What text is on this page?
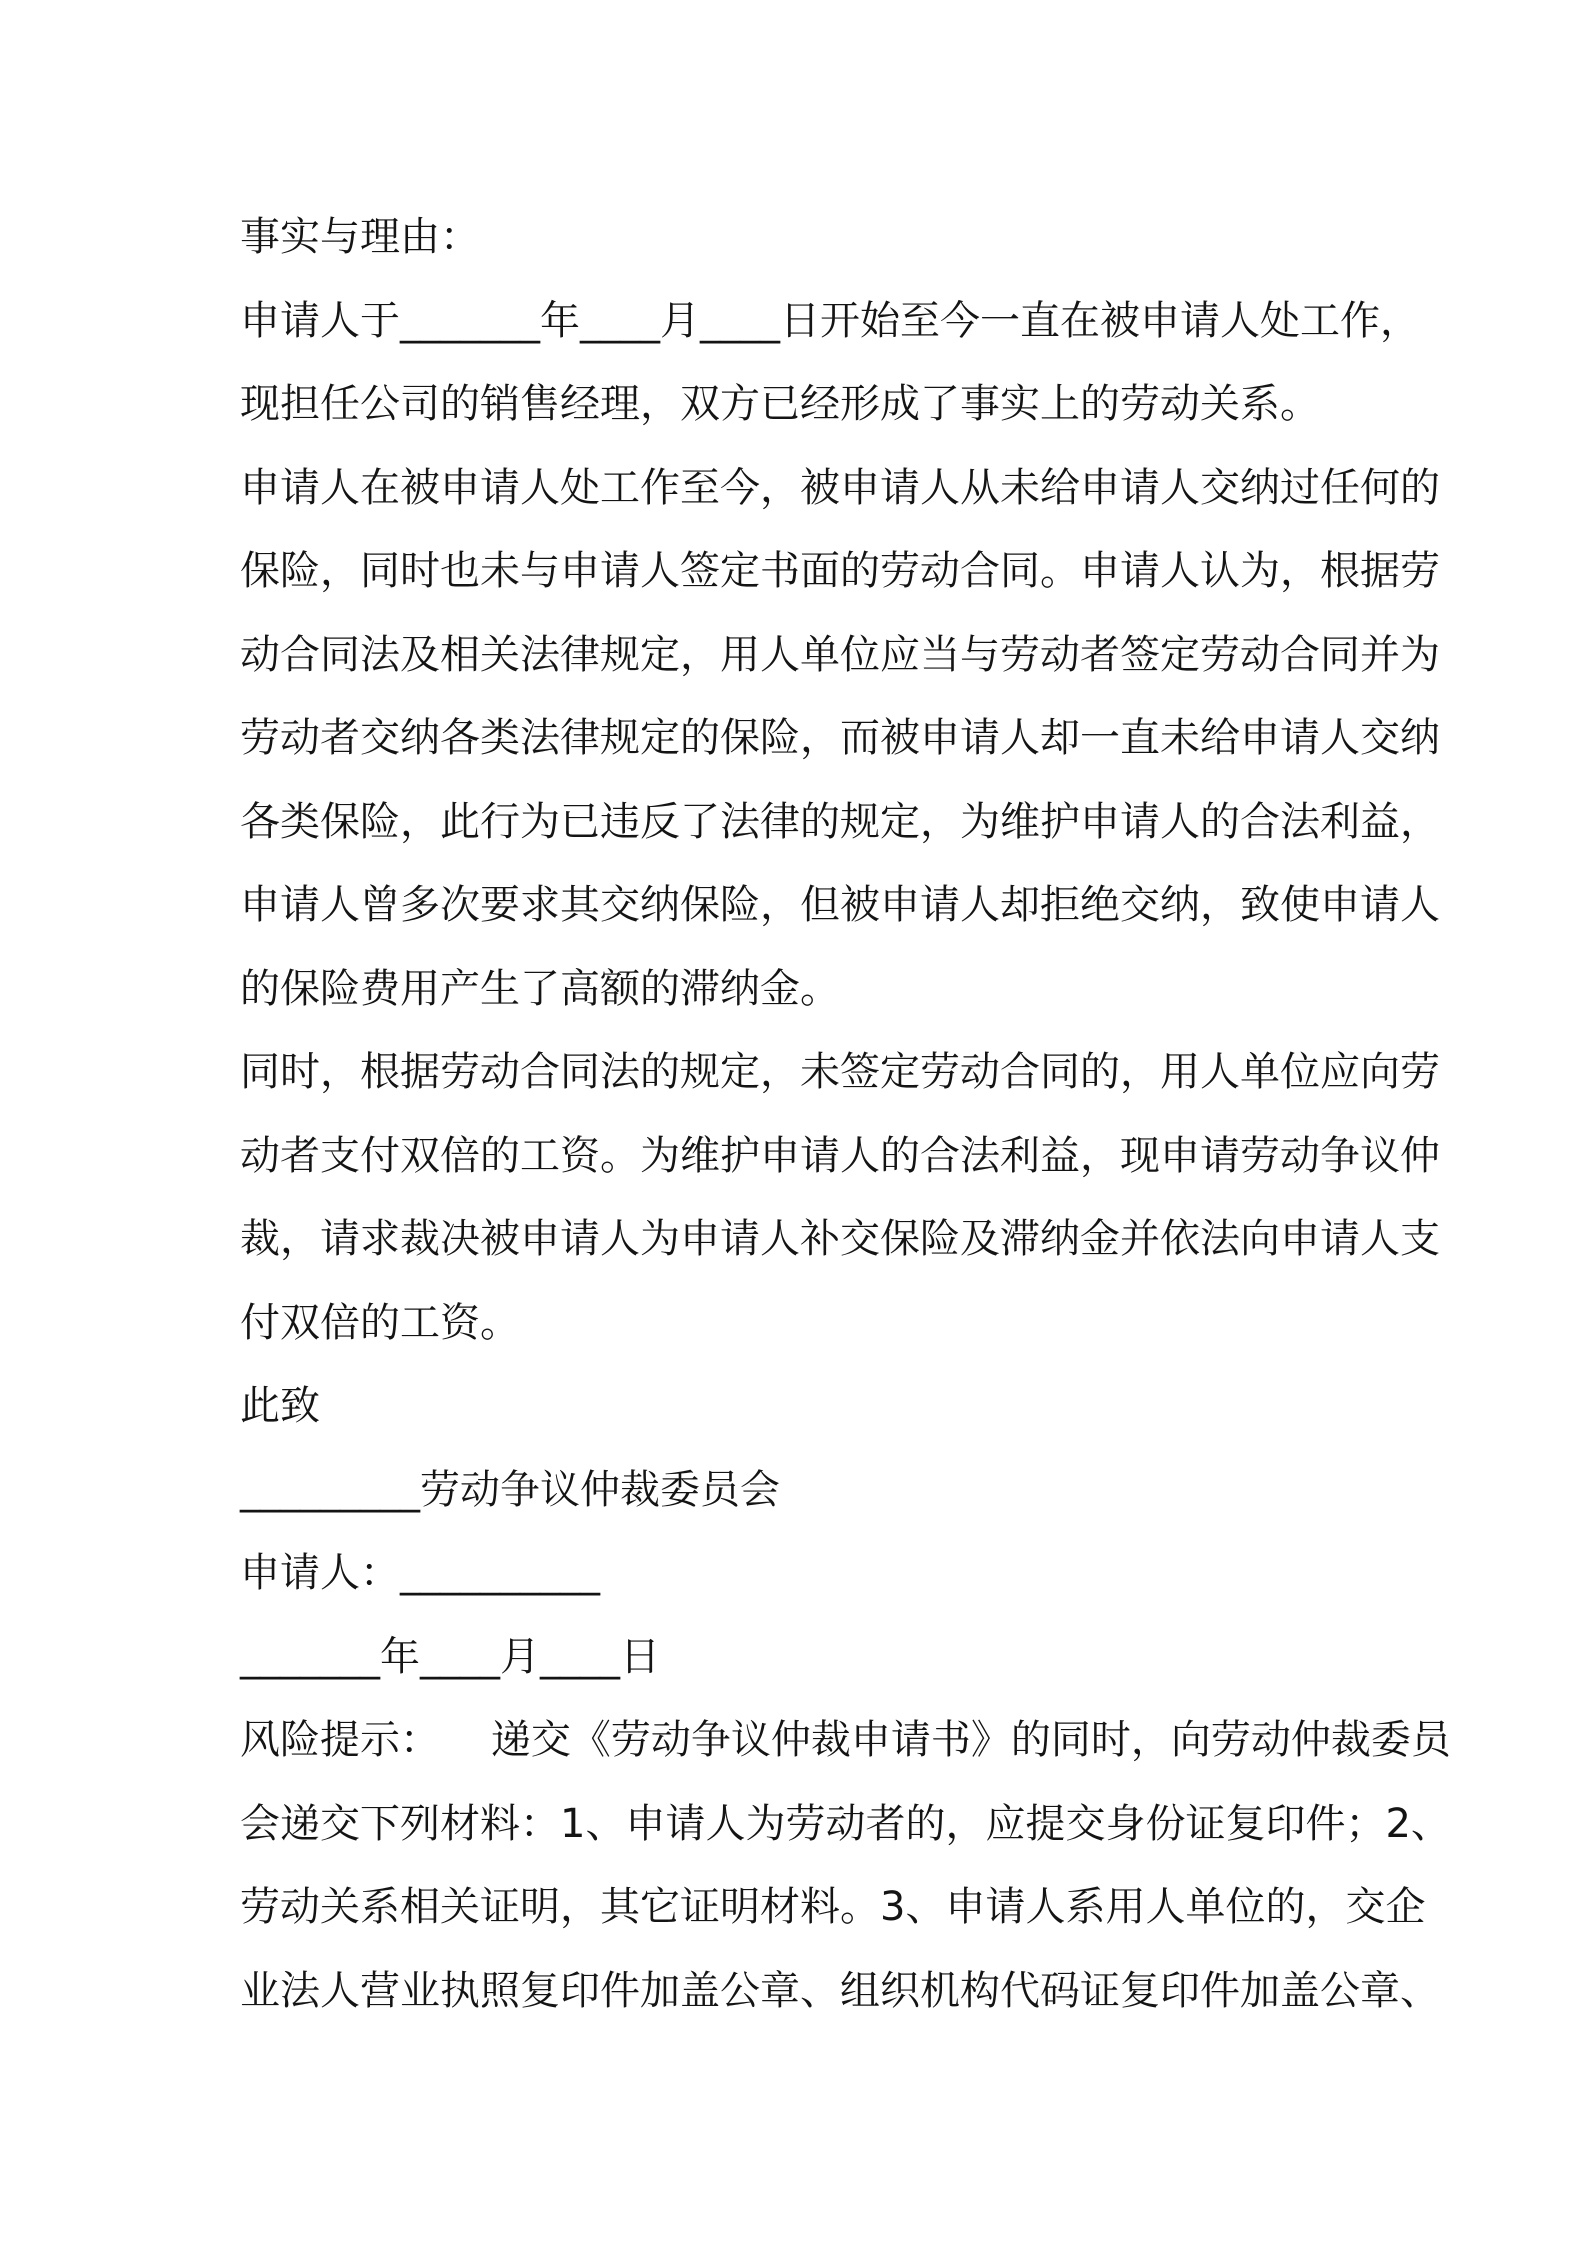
事实与理由：
申请人于_______年____月____日开始至今一直在被申请人处工作，
现担任公司的销售经理，双方已经形成了事实上的劳动关系。
申请人在被申请人处工作至今，被申请人从未给申请人交纳过任何的
保险，同时也未与申请人签定书面的劳动合同。申请人认为，根据劳
动合同法及相关法律规定，用人单位应当与劳动者签定劳动合同并为
劳动者交纳各类法律规定的保险，而被申请人却一直未给申请人交纳
各类保险，此行为已违反了法律的规定，为维护申请人的合法利益，
申请人曾多次要求其交纳保险，但被申请人却拒绝交纳，致使申请人
的保险费用产生了高额的滞纳金。
同时，根据劳动合同法的规定，未签定劳动合同的，用人单位应向劳
动者支付双倍的工资。为维护申请人的合法利益，现申请劳动争议仲
裁，请求裁决被申请人为申请人补交保险及滞纳金并依法向申请人支
付双倍的工资。
此致
_________劳动争议仲裁委员会
申请人：__________
_______年____月____日
风险提示：    递交《劳动争议仲裁申请书》的同时，向劳动仲裁委员
会递交下列材料：1、申请人为劳动者的，应提交身份证复印件；2、
劳动关系相关证明，其它证明材料。3、申请人系用人单位的，交企
业法人营业执照复印件加盖公章、组织机构代码证复印件加盖公章、
